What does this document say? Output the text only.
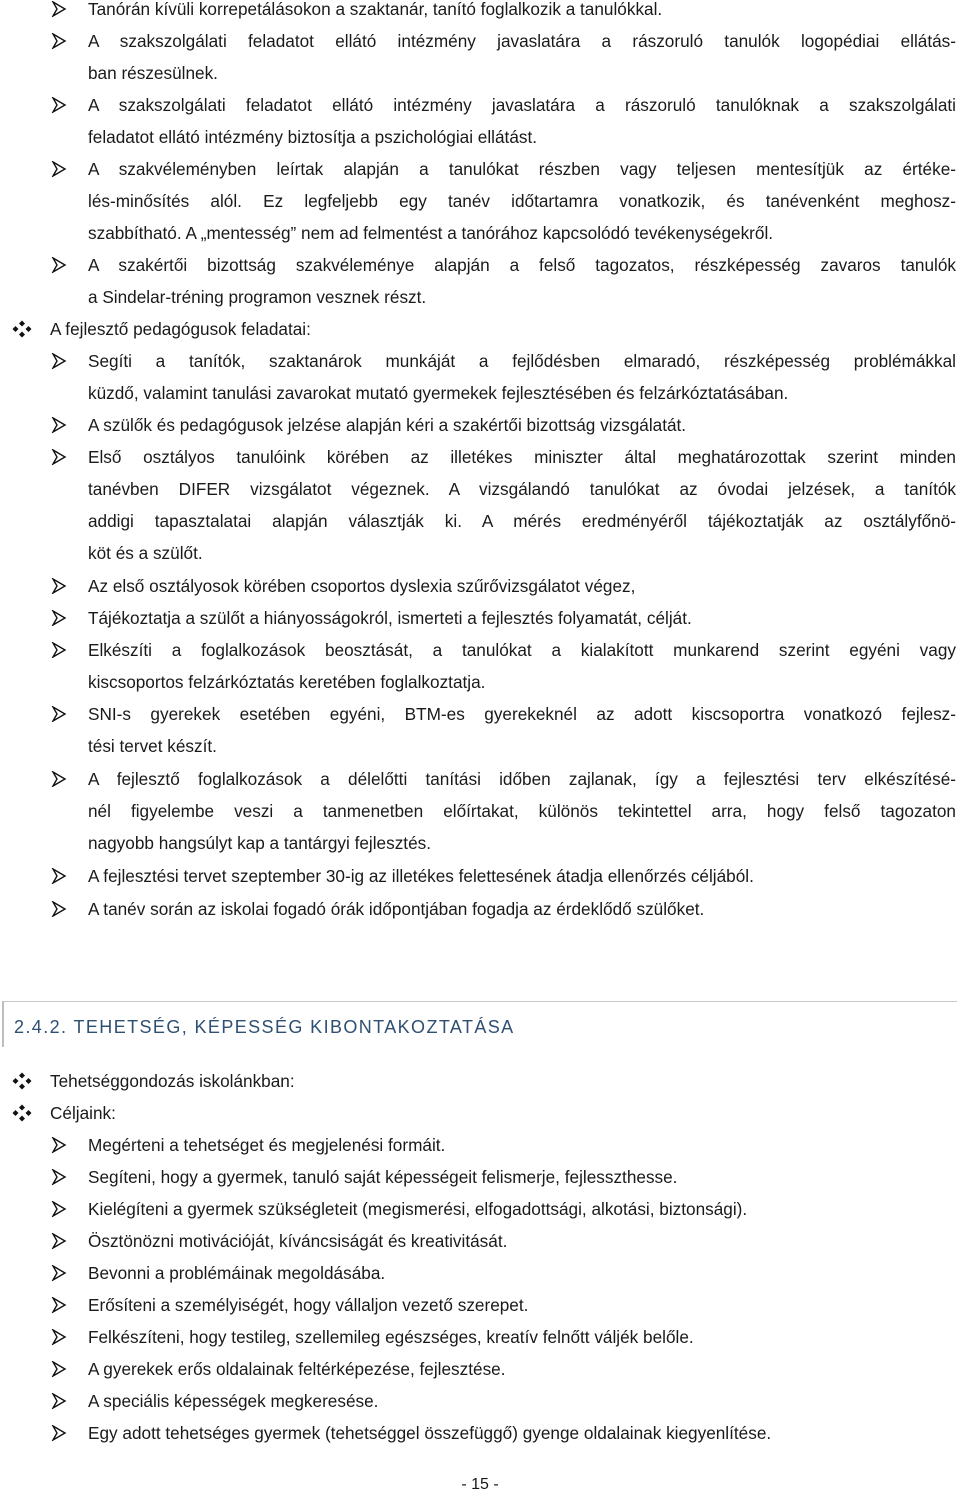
Tanórán kívüli korrepetálásokon a szaktanár, tanító foglalkozik a tanulókkal.
A szakszolgálati feladatot ellátó intézmény javaslatára a rászoruló tanulók logopédiai ellátás-
ban részesülnek.
A szakszolgálati feladatot ellátó intézmény javaslatára a rászoruló tanulóknak a szakszolgálati
feladatot ellátó intézmény biztosítja a pszichológiai ellátást.
A szakvéleményben leírtak alapján a tanulókat részben vagy teljesen mentesítjük az értéke-
lés-minősítés alól. Ez legfeljebb egy tanév időtartamra vonatkozik, és tanévenként meghosz-
szabbítható. A „mentesség” nem ad felmentést a tanórához kapcsolódó tevékenységekről.
A szakértői bizottság szakvéleménye alapján a felső tagozatos, részképesség zavaros tanulók
a Sindelar-tréning programon vesznek részt.
A fejlesztő pedagógusok feladatai:
Segíti a tanítók, szaktanárok munkáját a fejlődésben elmaradó, részképesség problémákkal
küzdő, valamint tanulási zavarokat mutató gyermekek fejlesztésében és felzárkóztatásában.
A szülők és pedagógusok jelzése alapján kéri a szakértői bizottság vizsgálatát.
Első osztályos tanulóink körében az illetékes miniszter által meghatározottak szerint minden
tanévben DIFER vizsgálatot végeznek. A vizsgálandó tanulókat az óvodai jelzések, a tanítók
addigi tapasztalatai alapján választják ki. A mérés eredményéről tájékoztatják az osztályfőnö-
köt és a szülőt.
Az első osztályosok körében csoportos dyslexia szűrővizsgálatot végez,
Tájékoztatja a szülőt a hiányosságokról, ismerteti a fejlesztés folyamatát, célját.
Elkészíti a foglalkozások beosztását, a tanulókat a kialakított munkarend szerint egyéni vagy
kiscsoportos felzárkóztatás keretében foglalkoztatja.
SNI-s gyerekek esetében egyéni, BTM-es gyerekeknél az adott kiscsoportra vonatkozó fejlesz-
tési tervet készít.
A fejlesztő foglalkozások a délelőtti tanítási időben zajlanak, így a fejlesztési terv elkészítésé-
nél figyelembe veszi a tanmenetben előírtakat, különös tekintettel arra, hogy felső tagozaton
nagyobb hangsúlyt kap a tantárgyi fejlesztés.
A fejlesztési tervet szeptember 30-ig az illetékes felettesének átadja ellenőrzés céljából.
A tanév során az iskolai fogadó órák időpontjában fogadja az érdeklődő szülőket.
2.4.2. TEHETSÉG, KÉPESSÉG KIBONTAKOZTATÁSA
Tehetséggondozás iskolánkban:
Céljaink:
Megérteni a tehetséget és megjelenési formáit.
Segíteni, hogy a gyermek, tanuló saját képességeit felismerje, fejlesszthesse.
Kielégíteni a gyermek szükségleteit (megismerési, elfogadottsági, alkotási, biztonsági).
Ösztönözni motivációját, kíváncsiságát és kreativitását.
Bevonni a problémáinak megoldásába.
Erősíteni a személyiségét, hogy vállaljon vezető szerepet.
Felkészíteni, hogy testileg, szellemileg egészséges, kreatív felnőtt váljék belőle.
A gyerekek erős oldalainak feltérképezése, fejlesztése.
A speciális képességek megkeresése.
Egy adott tehetséges gyermek (tehetséggel összefüggő) gyenge oldalainak kiegyenlítése.
- 15 -
